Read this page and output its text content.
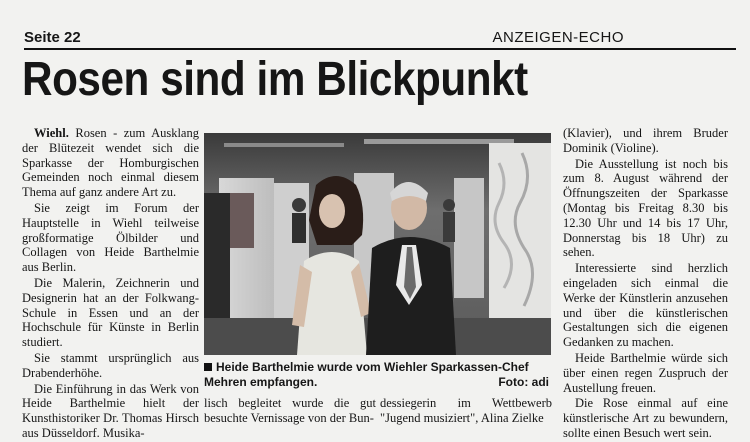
Seite 22	ANZEIGEN-ECHO
Rosen sind im Blickpunkt

Wiehl. Rosen - zum Ausklang der Blütezeit wendet sich die Sparkasse der Homburgischen Gemeinden noch einmal diesem Thema auf ganz andere Art zu.

Sie zeigt im Forum der Hauptstelle in Wiehl teilweise großformatige Ölbilder und Collagen von Heide Barthelmie aus Berlin.

Die Malerin, Zeichnerin und Designerin hat an der Folkwang-Schule in Essen und an der Hochschule für Künste in Berlin studiert.

Sie stammt ursprünglich aus Drabenderhöhe.

Die Einführung in das Werk von Heide Barthelmie hielt der Kunsthistoriker Dr. Thomas Hirsch aus Düsseldorf. Musika-

Heide Barthelmie wurde vom Wiehler Sparkassen-Chef Mehren empfangen.	Foto: adi
lisch begleitet wurde die gut besuchte Vernissage von der Bun-
dessiegerin im Wettbewerb "Jugend musiziert", Alina Zielke

(Klavier), und ihrem Bruder Dominik (Violine).

Die Ausstellung ist noch bis zum 8. August während der Öffnungszeiten der Sparkasse (Montag bis Freitag 8.30 bis 12.30 Uhr und 14 bis 17 Uhr, Donnerstag bis 18 Uhr) zu sehen.

Interessierte sind herzlich eingeladen sich einmal die Werke der Künstlerin anzusehen und über die künstlerischen Gestaltungen sich die eigenen Gedanken zu machen.

Heide Barthelmie würde sich über einen regen Zuspruch der Austellung freuen.

Die Rose einmal auf eine künstlerische Art zu bewundern, sollte einen Besuch wert sein.
